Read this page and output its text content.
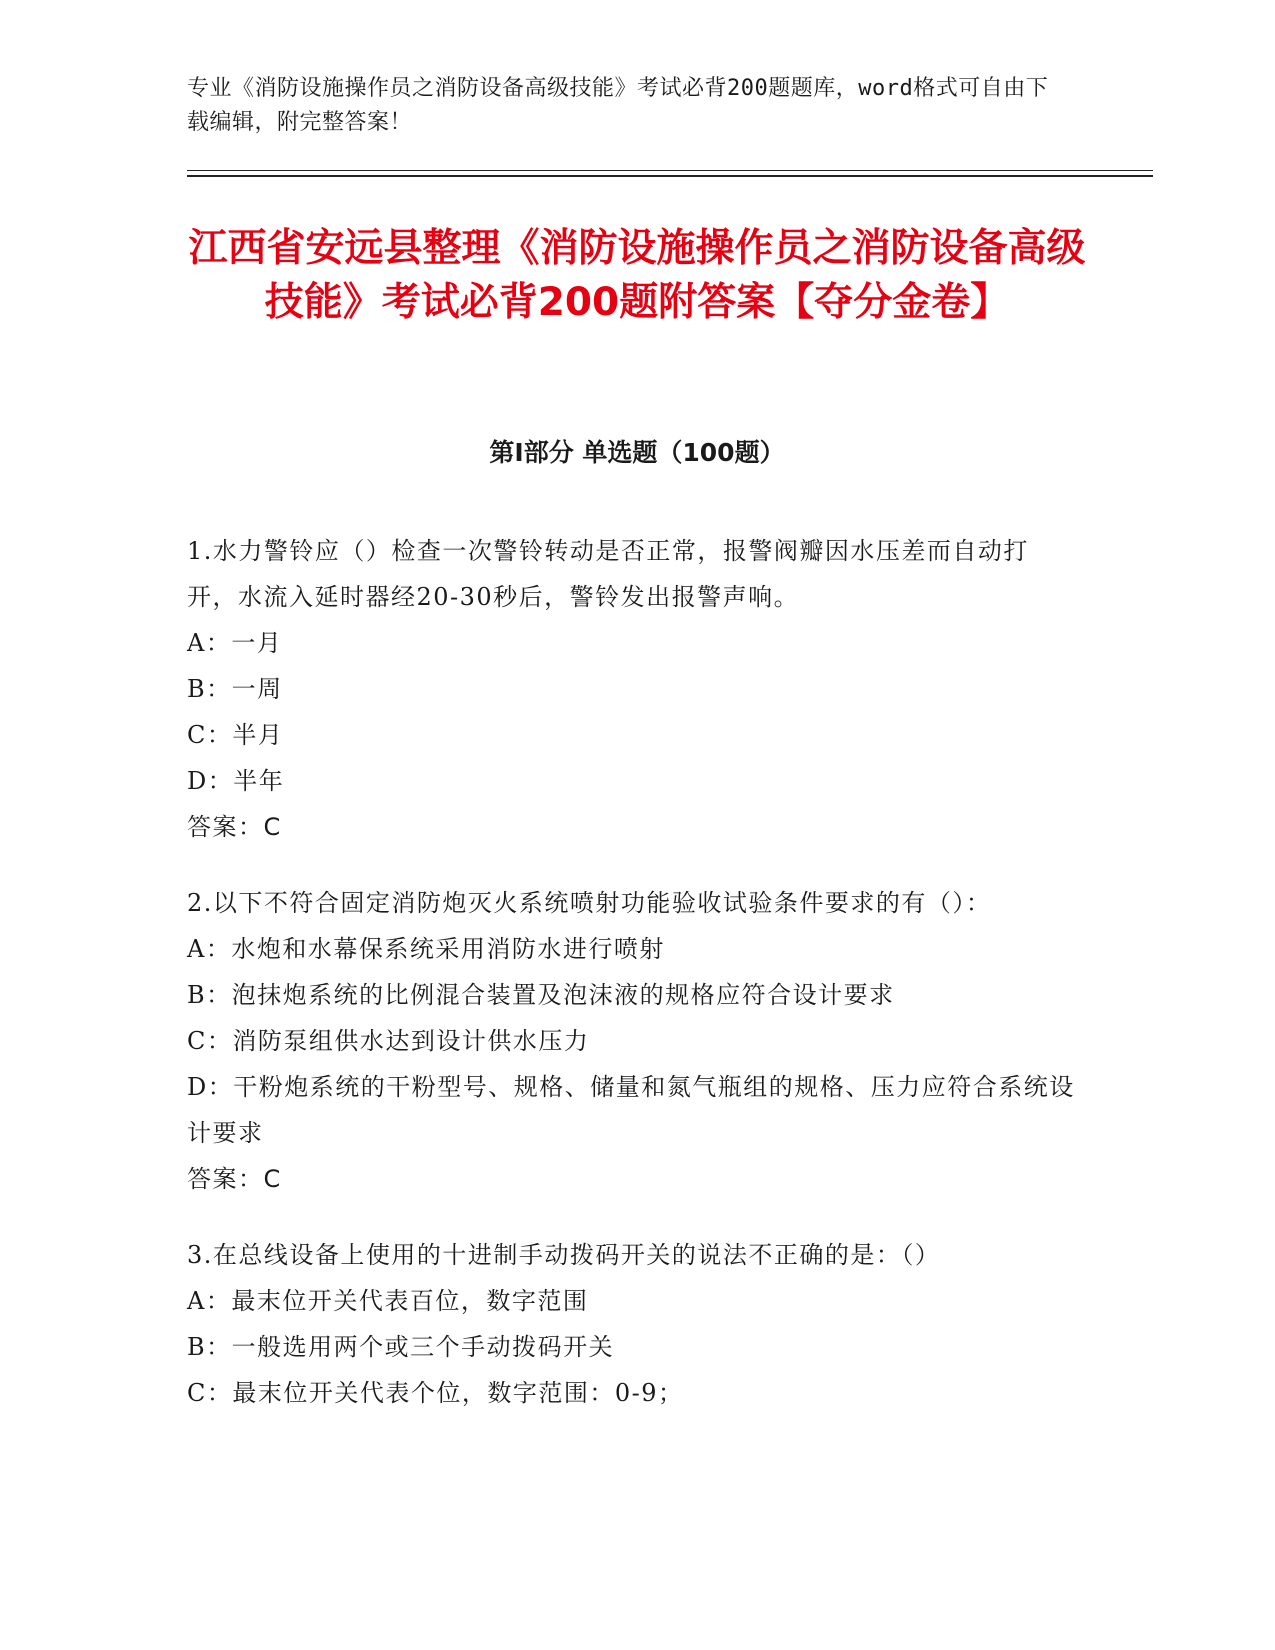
专业《消防设施操作员之消防设备高级技能》考试必背200题题库，word格式可自由下载编辑，附完整答案！
江西省安远县整理《消防设施操作员之消防设备高级技能》考试必背200题附答案【夺分金卷】
第Ⅰ部分 单选题（100题）

1.水力警铃应（）检查一次警铃转动是否正常，报警阀瓣因水压差而自动打开，水流入延时器经20-30秒后，警铃发出报警声响。

A：一月

B：一周

C：半月

D：半年

答案：C

2.以下不符合固定消防炮灭火系统喷射功能验收试验条件要求的有（）：

A：水炮和水幕保系统采用消防水进行喷射

B：泡抹炮系统的比例混合装置及泡沫液的规格应符合设计要求

C：消防泵组供水达到设计供水压力

D：干粉炮系统的干粉型号、规格、储量和氮气瓶组的规格、压力应符合系统设计要求

答案：C

3.在总线设备上使用的十进制手动拨码开关的说法不正确的是：（）

A：最末位开关代表百位，数字范围

B：一般选用两个或三个手动拨码开关

C：最末位开关代表个位，数字范围：0-9；
